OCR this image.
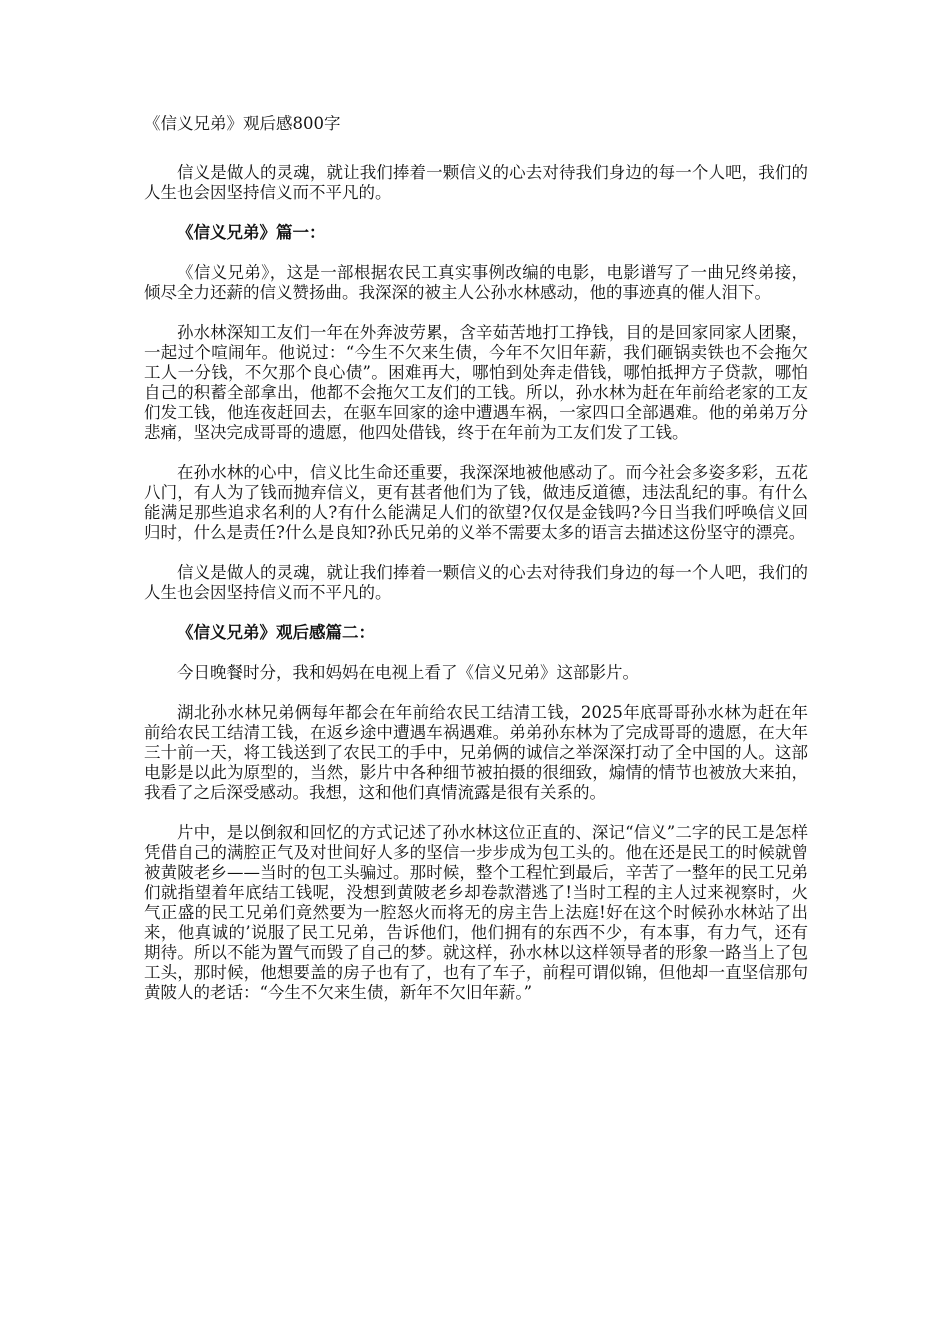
《信义兄弟》观后感800字

信义是做人的灵魂，就让我们捧着一颗信义的心去对待我们身边的每一个人吧，我们的人生也会因坚持信义而不平凡的。

《信义兄弟》篇一：

《信义兄弟》，这是一部根据农民工真实事例改编的电影，电影谱写了一曲兄终弟接，倾尽全力还薪的信义赞扬曲。我深深的被主人公孙水林感动，他的事迹真的催人泪下。

孙水林深知工友们一年在外奔波劳累，含辛茹苦地打工挣钱，目的是回家同家人团聚，一起过个喧闹年。他说过：“今生不欠来生债，今年不欠旧年薪，我们砸锅卖铁也不会拖欠工人一分钱，不欠那个良心债”。困难再大，哪怕到处奔走借钱，哪怕抵押方子贷款，哪怕自己的积蓄全部拿出，他都不会拖欠工友们的工钱。所以，孙水林为赶在年前给老家的工友们发工钱，他连夜赶回去，在驱车回家的途中遭遇车祸，一家四口全部遇难。他的弟弟万分悲痛，坚决完成哥哥的遗愿，他四处借钱，终于在年前为工友们发了工钱。

在孙水林的心中，信义比生命还重要，我深深地被他感动了。而今社会多姿多彩，五花八门，有人为了钱而抛弃信义，更有甚者他们为了钱，做违反道德，违法乱纪的事。有什么能满足那些追求名利的人?有什么能满足人们的欲望?仅仅是金钱吗?今日当我们呼唤信义回归时，什么是责任?什么是良知?孙氏兄弟的义举不需要太多的语言去描述这份坚守的漂亮。

信义是做人的灵魂，就让我们捧着一颗信义的心去对待我们身边的每一个人吧，我们的人生也会因坚持信义而不平凡的。

《信义兄弟》观后感篇二：

今日晚餐时分，我和妈妈在电视上看了《信义兄弟》这部影片。

湖北孙水林兄弟俩每年都会在年前给农民工结清工钱，2025年底哥哥孙水林为赶在年前给农民工结清工钱，在返乡途中遭遇车祸遇难。弟弟孙东林为了完成哥哥的遗愿，在大年三十前一天，将工钱送到了农民工的手中，兄弟俩的诚信之举深深打动了全中国的人。这部电影是以此为原型的，当然，影片中各种细节被拍摄的很细致，煽情的情节也被放大来拍，我看了之后深受感动。我想，这和他们真情流露是很有关系的。

片中，是以倒叙和回忆的方式记述了孙水林这位正直的、深记“信义”二字的民工是怎样凭借自己的满腔正气及对世间好人多的坚信一步步成为包工头的。他在还是民工的时候就曾被黄陂老乡——当时的包工头骗过。那时候，整个工程忙到最后，辛苦了一整年的民工兄弟们就指望着年底结工钱呢，没想到黄陂老乡却卷款潜逃了!当时工程的主人过来视察时，火气正盛的民工兄弟们竟然要为一腔怒火而将无的房主告上法庭!好在这个时候孙水林站了出来，他真诚的’说服了民工兄弟，告诉他们，他们拥有的东西不少，有本事，有力气，还有期待。所以不能为置气而毁了自己的梦。就这样，孙水林以这样领导者的形象一路当上了包工头，那时候，他想要盖的房子也有了，也有了车子，前程可谓似锦，但他却一直坚信那句黄陂人的老话：“今生不欠来生债，新年不欠旧年薪。”
